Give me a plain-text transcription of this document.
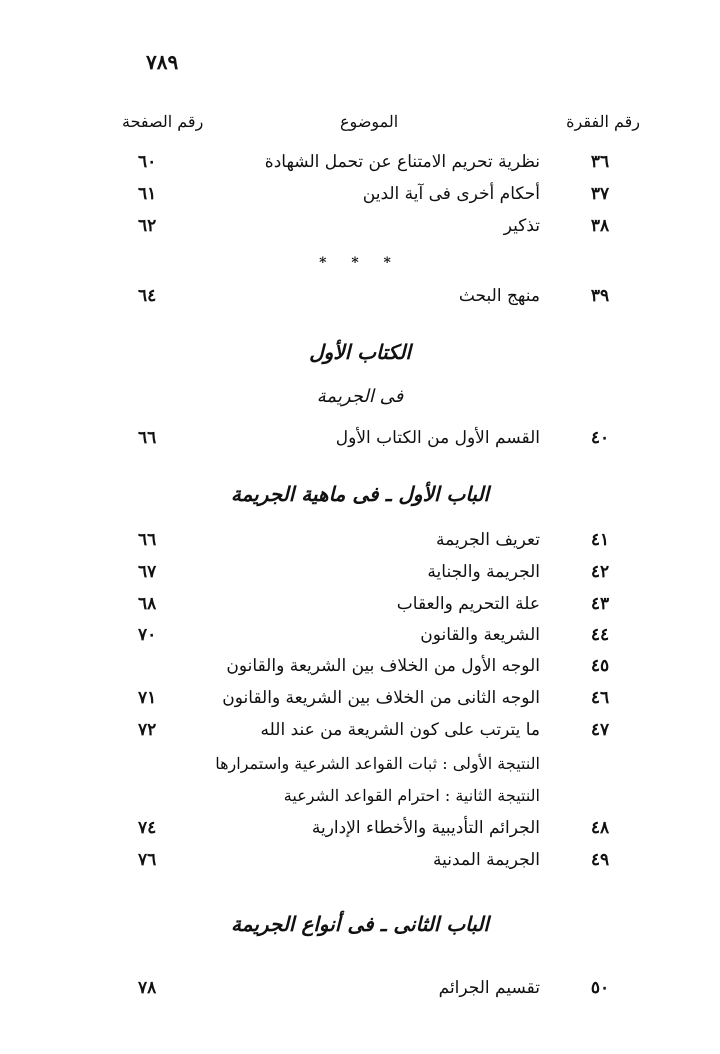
٧٨٩
رقم الفقرة
الموضوع
رقم الصفحة
٣٦
نظرية تحريم الامتناع عن تحمل الشهادة
٦٠
٣٧
أحكام أخرى فى آية الدين
٦١
٣٨
تذكير
٦٢
* * *
٣٩
منهج البحث
٦٤
الكتاب الأول
فى الجريمة
٤٠
القسم الأول من الكتاب الأول
٦٦
الباب الأول ـ فى ماهية الجريمة
٤١
تعريف الجريمة
٦٦
٤٢
الجريمة والجناية
٦٧
٤٣
علة التحريم والعقاب
٦٨
٤٤
الشريعة والقانون
٧٠
٤٥
الوجه الأول من الخلاف بين الشريعة والقانون
٤٦
الوجه الثانى من الخلاف بين الشريعة والقانون
٧١
٤٧
ما يترتب على كون الشريعة من عند الله
٧٢
النتيجة الأولى : ثبات القواعد الشرعية واستمرارها
النتيجة الثانية : احترام القواعد الشرعية
٤٨
الجرائم التأديبية والأخطاء الإدارية
٧٤
٤٩
الجريمة المدنية
٧٦
الباب الثانى ـ فى أنواع الجريمة
٥٠
تقسيم الجرائم
٧٨
